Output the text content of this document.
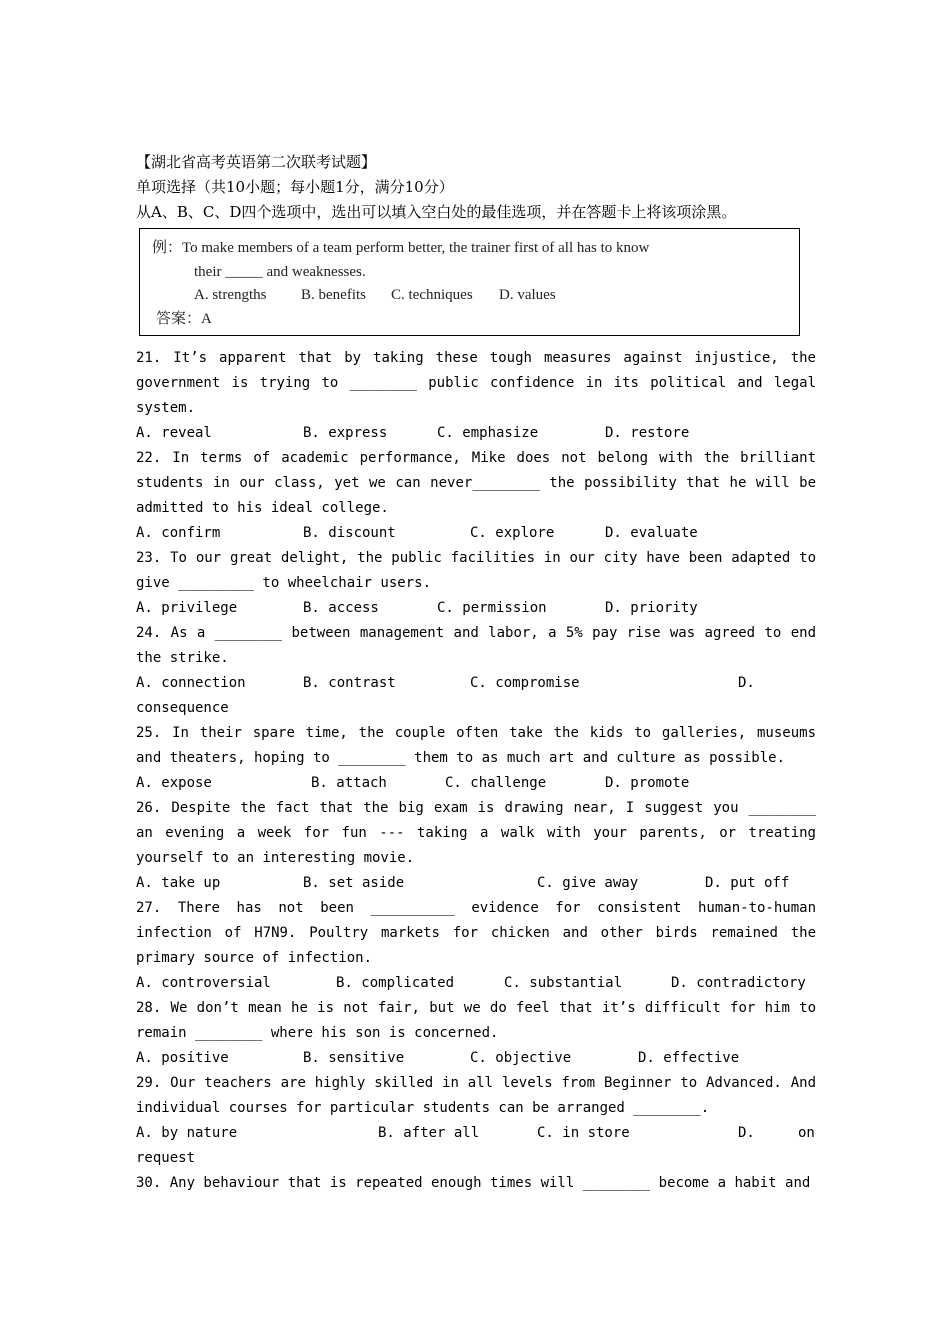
【湖北省高考英语第二次联考试题】
单项选择（共10小题；每小题1分，满分10分）
从A、B、C、D四个选项中，选出可以填入空白处的最佳选项，并在答题卡上将该项涂黑。
例：To make members of a team perform better, the trainer first of all has to know
their _____ and weaknesses.
A. strengths B. benefits C. techniques D. values
答案：A
21. It’s apparent that by taking these tough measures against injustice, the government is trying to ________ public confidence in its political and legal system.
A. reveal	B. express	C. emphasize	D. restore
22. In terms of academic performance, Mike does not belong with the brilliant students in our class, yet we can never________ the possibility that he will be admitted to his ideal college.
A. confirm	B. discount	C. explore	D. evaluate
23. To our great delight, the public facilities in our city have been adapted to give _________ to wheelchair users.
A. privilege	B. access	C. permission	D. priority
24. As a ________ between management and labor, a 5% pay rise was agreed to end the strike.
A. connection	B. contrast	C. compromise	D.
consequence
25. In their spare time, the couple often take the kids to galleries, museums and theaters, hoping to ________ them to as much art and culture as possible.
A. expose	B. attach	C. challenge	D. promote
26. Despite the fact that the big exam is drawing near, I suggest you ________ an evening a week for fun --- taking a walk with your parents, or treating yourself to an interesting movie.
A. take up	B. set aside	C. give away	D. put off
27. There has not been __________ evidence for consistent human-to-human infection of H7N9. Poultry markets for chicken and other birds remained the primary source of infection.
A. controversial	B. complicated	C. substantial	D. contradictory
28. We don’t mean he is not fair, but we do feel that it’s difficult for him to remain ________ where his son is concerned.
A. positive	B. sensitive	C. objective	D. effective
29. Our teachers are highly skilled in all levels from Beginner to Advanced. And individual courses for particular students can be arranged ________.
A. by nature	B. after all	C. in store	D.	on
request
30. Any behaviour that is repeated enough times will ________ become a habit and
